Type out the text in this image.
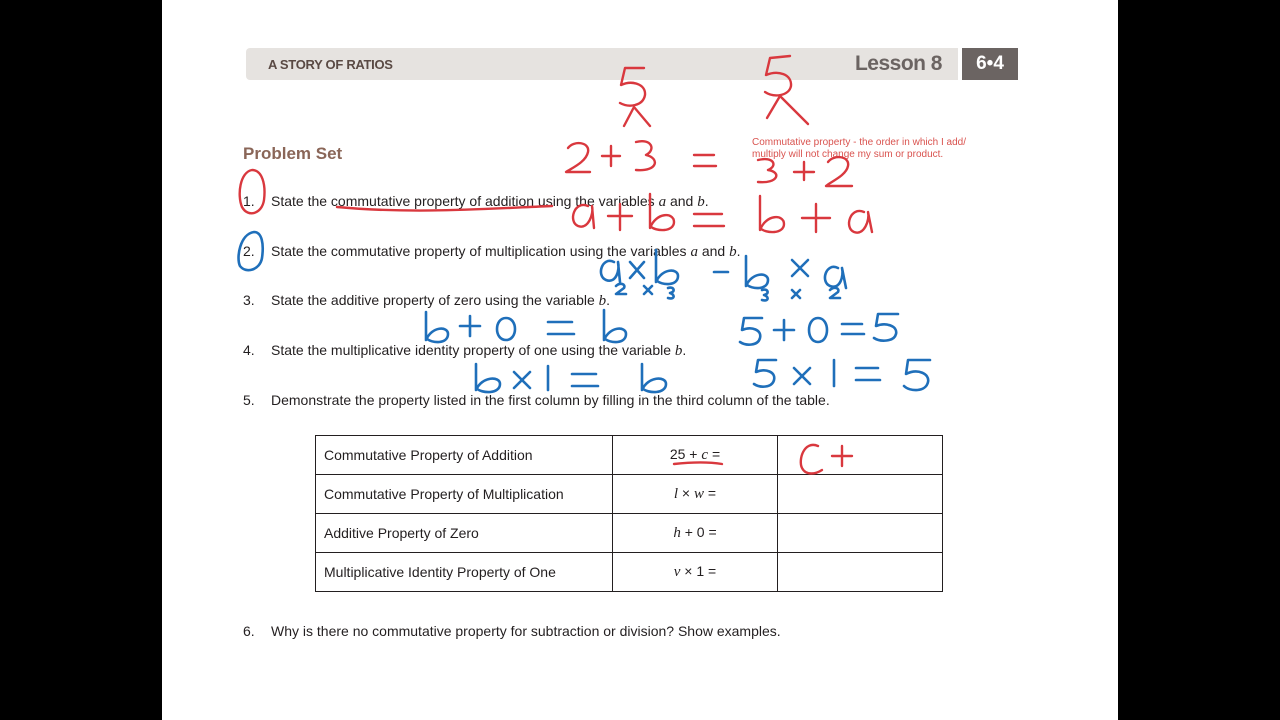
A STORY OF RATIOS	Lesson 8	6•4
Problem Set
1. State the commutative property of addition using the variables a and b.
2. State the commutative property of multiplication using the variables a and b.
3. State the additive property of zero using the variable b.
4. State the multiplicative identity property of one using the variable b.
5. Demonstrate the property listed in the first column by filling in the third column of the table.
Commutative Property of Addition	25 + c =	
Commutative Property of Multiplication	l × w =	
Additive Property of Zero	h + 0 =	
Multiplicative Identity Property of One	v × 1 =	
6. Why is there no commutative property for subtraction or division? Show examples.
Commutative property - the order in which I add/ multiply will not change my sum or product.
